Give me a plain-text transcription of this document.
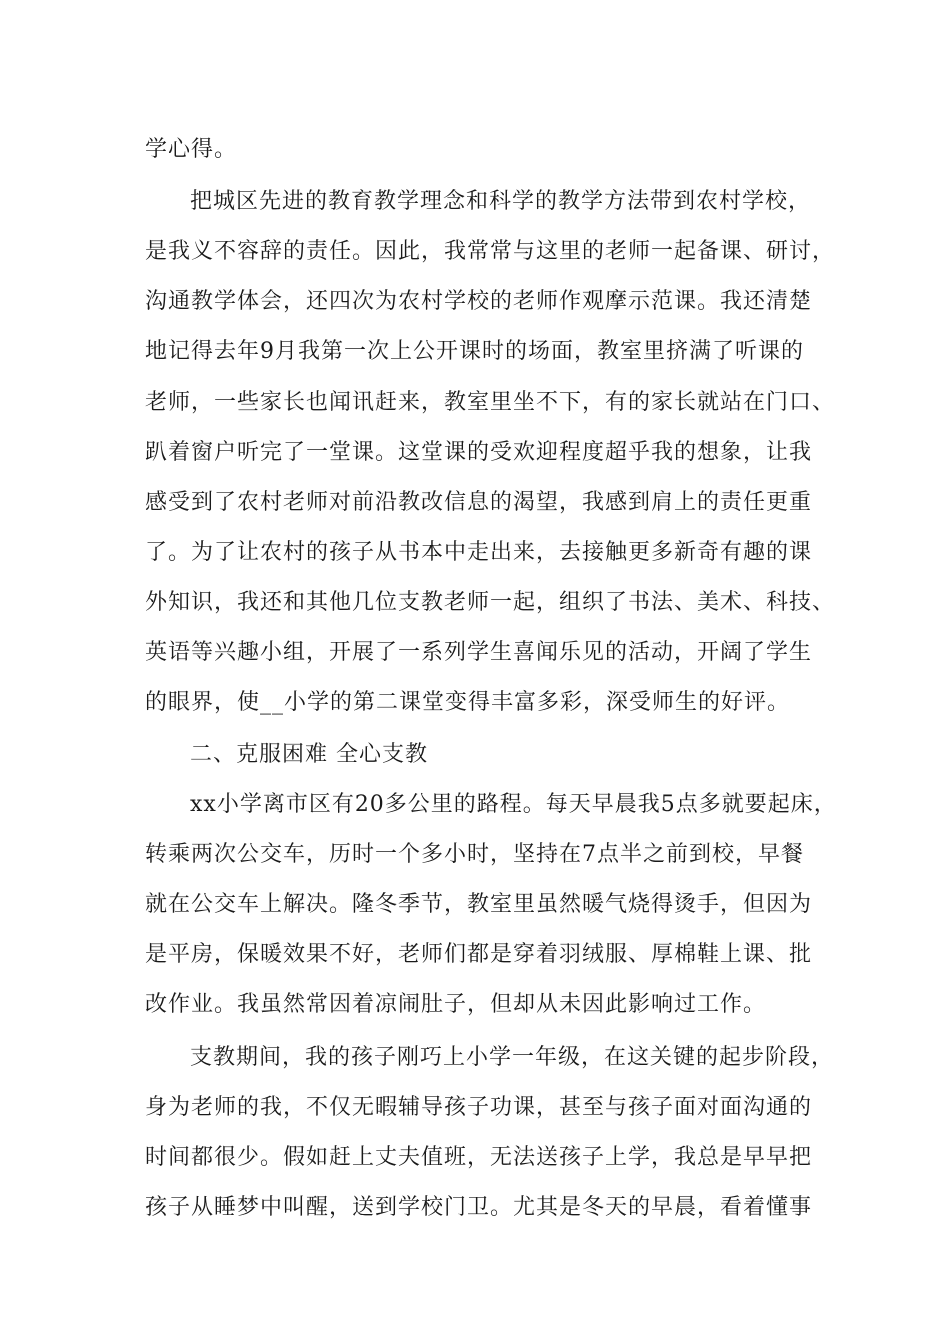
学心得。
把城区先进的教育教学理念和科学的教学方法带到农村学校，
是我义不容辞的责任。因此，我常常与这里的老师一起备课、研讨，
沟通教学体会，还四次为农村学校的老师作观摩示范课。我还清楚
地记得去年9月我第一次上公开课时的场面，教室里挤满了听课的
老师，一些家长也闻讯赶来，教室里坐不下，有的家长就站在门口、
趴着窗户听完了一堂课。这堂课的受欢迎程度超乎我的想象，让我
感受到了农村老师对前沿教改信息的渴望，我感到肩上的责任更重
了。为了让农村的孩子从书本中走出来，去接触更多新奇有趣的课
外知识，我还和其他几位支教老师一起，组织了书法、美术、科技、
英语等兴趣小组，开展了一系列学生喜闻乐见的活动，开阔了学生
的眼界，使__小学的第二课堂变得丰富多彩，深受师生的好评。
二、克服困难 全心支教
xx小学离市区有20多公里的路程。每天早晨我5点多就要起床，
转乘两次公交车，历时一个多小时，坚持在7点半之前到校，早餐
就在公交车上解决。隆冬季节，教室里虽然暖气烧得烫手，但因为
是平房，保暖效果不好，老师们都是穿着羽绒服、厚棉鞋上课、批
改作业。我虽然常因着凉闹肚子，但却从未因此影响过工作。
支教期间，我的孩子刚巧上小学一年级，在这关键的起步阶段，
身为老师的我，不仅无暇辅导孩子功课，甚至与孩子面对面沟通的
时间都很少。假如赶上丈夫值班，无法送孩子上学，我总是早早把
孩子从睡梦中叫醒，送到学校门卫。尤其是冬天的早晨，看着懂事
